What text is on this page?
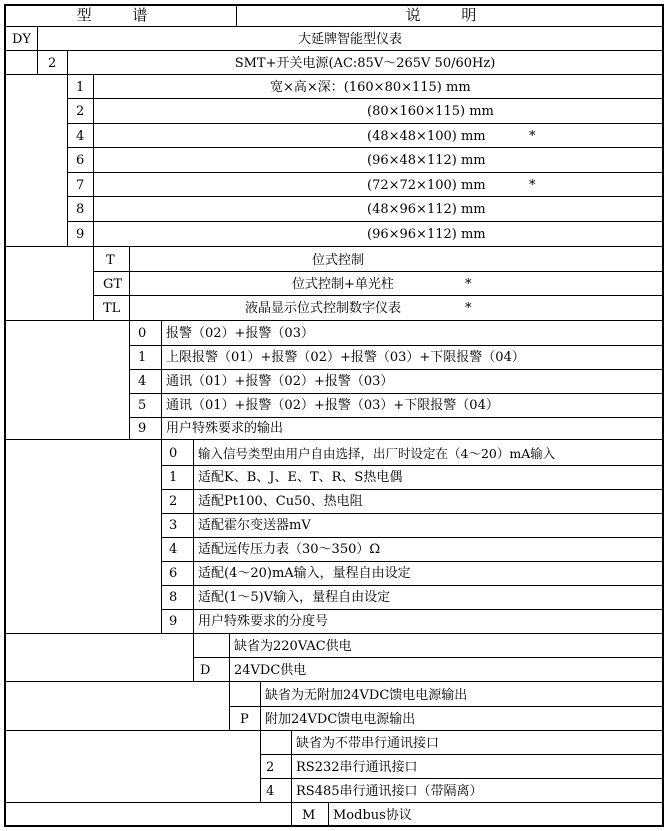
型 谱	说 明
DY	大延牌智能型仪表
2	SMT+开关电源(AC:85V～265V 50/60Hz)
1	宽×高×深：(160×80×115) mm
2	(80×160×115) mm
4	(48×48×100) mm	*
6	(96×48×112) mm
7	(72×72×100) mm	*
8	(48×96×112) mm
9	(96×96×112) mm
T	位式控制
GT	位式控制+单光柱	*
TL	液晶显示位式控制数字仪表	*
0 报警（02）+报警（03）
1 上限报警（01）+报警（02）+报警（03）+下限报警（04）
4 通讯（01）+报警（02）+报警（03）
5 通讯（01）+报警（02）+报警（03）+下限报警（04）
9 用户特殊要求的输出
0 输入信号类型由用户自由选择，出厂时设定在（4～20）mA输入
1 适配K、B、J、E、T、R、S热电偶
2 适配Pt100、Cu50、热电阻
3 适配霍尔变送器mV
4 适配远传压力表（30～350）Ω
6 适配(4～20)mA输入，量程自由设定
8 适配(1～5)V输入，量程自由设定
9 用户特殊要求的分度号
缺省为220VAC供电
D 24VDC供电
缺省为无附加24VDC馈电电源输出
P 附加24VDC馈电电源输出
缺省为不带串行通讯接口
2 RS232串行通讯接口
4 RS485串行通讯接口（带隔离）
M Modbus协议
